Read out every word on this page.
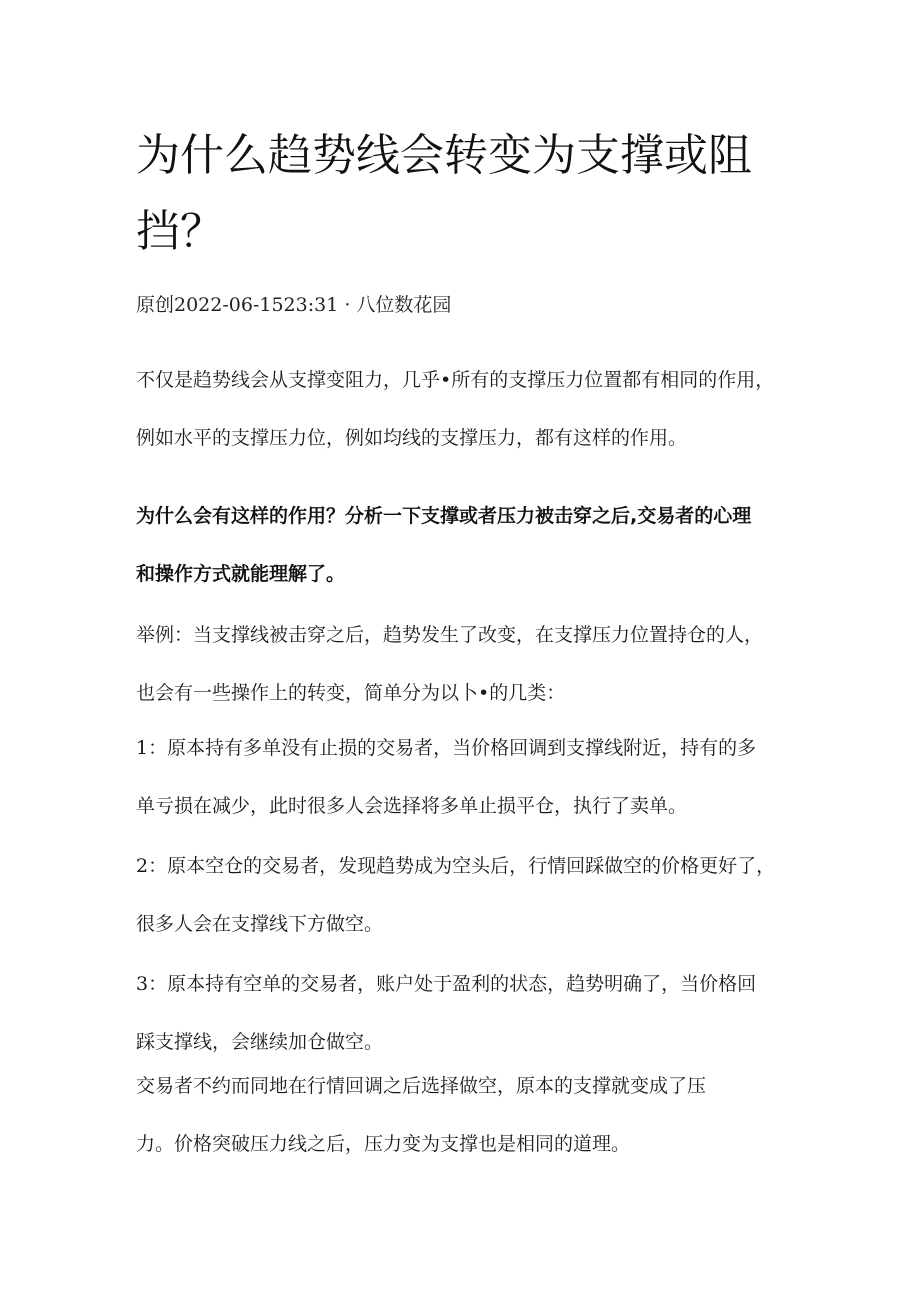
为什么趋势线会转变为支撑或阻
挡？
原创2022-06-1523:31 · 八位数花园

不仅是趋势线会从支撑变阻力，几乎•所有的支撑压力位置都有相同的作用，
例如水平的支撑压力位，例如均线的支撑压力，都有这样的作用。

为什么会有这样的作用？分析一下支撑或者压力被击穿之后,交易者的心理
和操作方式就能理解了。

举例：当支撑线被击穿之后，趋势发生了改变，在支撑压力位置持仓的人，
也会有一些操作上的转变，简单分为以卜•的几类：

1：原本持有多单没有止损的交易者，当价格回调到支撑线附近，持有的多
单亏损在减少，此时很多人会选择将多单止损平仓，执行了卖单。

2：原本空仓的交易者，发现趋势成为空头后，行情回踩做空的价格更好了，
很多人会在支撑线下方做空。

3：原本持有空单的交易者，账户处于盈利的状态，趋势明确了，当价格回
踩支撑线，会继续加仓做空。

交易者不约而同地在行情回调之后选择做空，原本的支撑就变成了压
力。价格突破压力线之后，压力变为支撑也是相同的道理。
